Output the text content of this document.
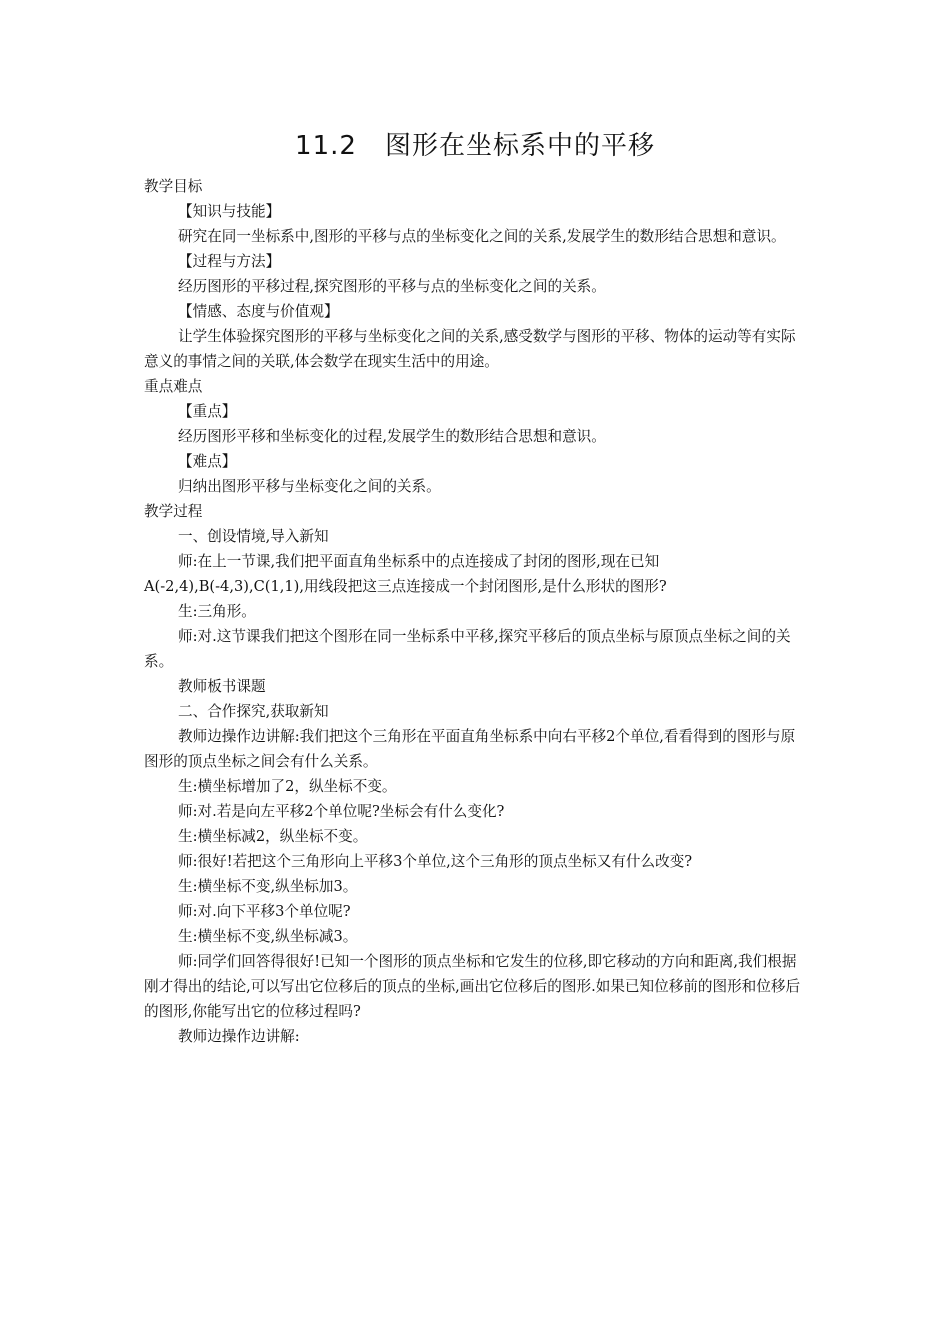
11.2 图形在坐标系中的平移

教学目标

【知识与技能】

研究在同一坐标系中,图形的平移与点的坐标变化之间的关系,发展学生的数形结合思想和意识。

【过程与方法】

经历图形的平移过程,探究图形的平移与点的坐标变化之间的关系。

【情感、态度与价值观】

让学生体验探究图形的平移与坐标变化之间的关系,感受数学与图形的平移、物体的运动等有实际意义的事情之间的关联,体会数学在现实生活中的用途。

重点难点

【重点】

经历图形平移和坐标变化的过程,发展学生的数形结合思想和意识。

【难点】

归纳出图形平移与坐标变化之间的关系。

教学过程

一、创设情境,导入新知

师:在上一节课,我们把平面直角坐标系中的点连接成了封闭的图形,现在已知A(-2,4),B(-4,3),C(1,1),用线段把这三点连接成一个封闭图形,是什么形状的图形?

生:三角形。

师:对.这节课我们把这个图形在同一坐标系中平移,探究平移后的顶点坐标与原顶点坐标之间的关系。

教师板书课题

二、合作探究,获取新知

教师边操作边讲解:我们把这个三角形在平面直角坐标系中向右平移2个单位,看看得到的图形与原图形的顶点坐标之间会有什么关系。

生:横坐标增加了2，纵坐标不变。

师:对.若是向左平移2个单位呢?坐标会有什么变化?

生:横坐标减2，纵坐标不变。

师:很好!若把这个三角形向上平移3个单位,这个三角形的顶点坐标又有什么改变?

生:横坐标不变,纵坐标加3。

师:对.向下平移3个单位呢?

生:横坐标不变,纵坐标减3。

师:同学们回答得很好!已知一个图形的顶点坐标和它发生的位移,即它移动的方向和距离,我们根据刚才得出的结论,可以写出它位移后的顶点的坐标,画出它位移后的图形.如果已知位移前的图形和位移后的图形,你能写出它的位移过程吗?

教师边操作边讲解:
